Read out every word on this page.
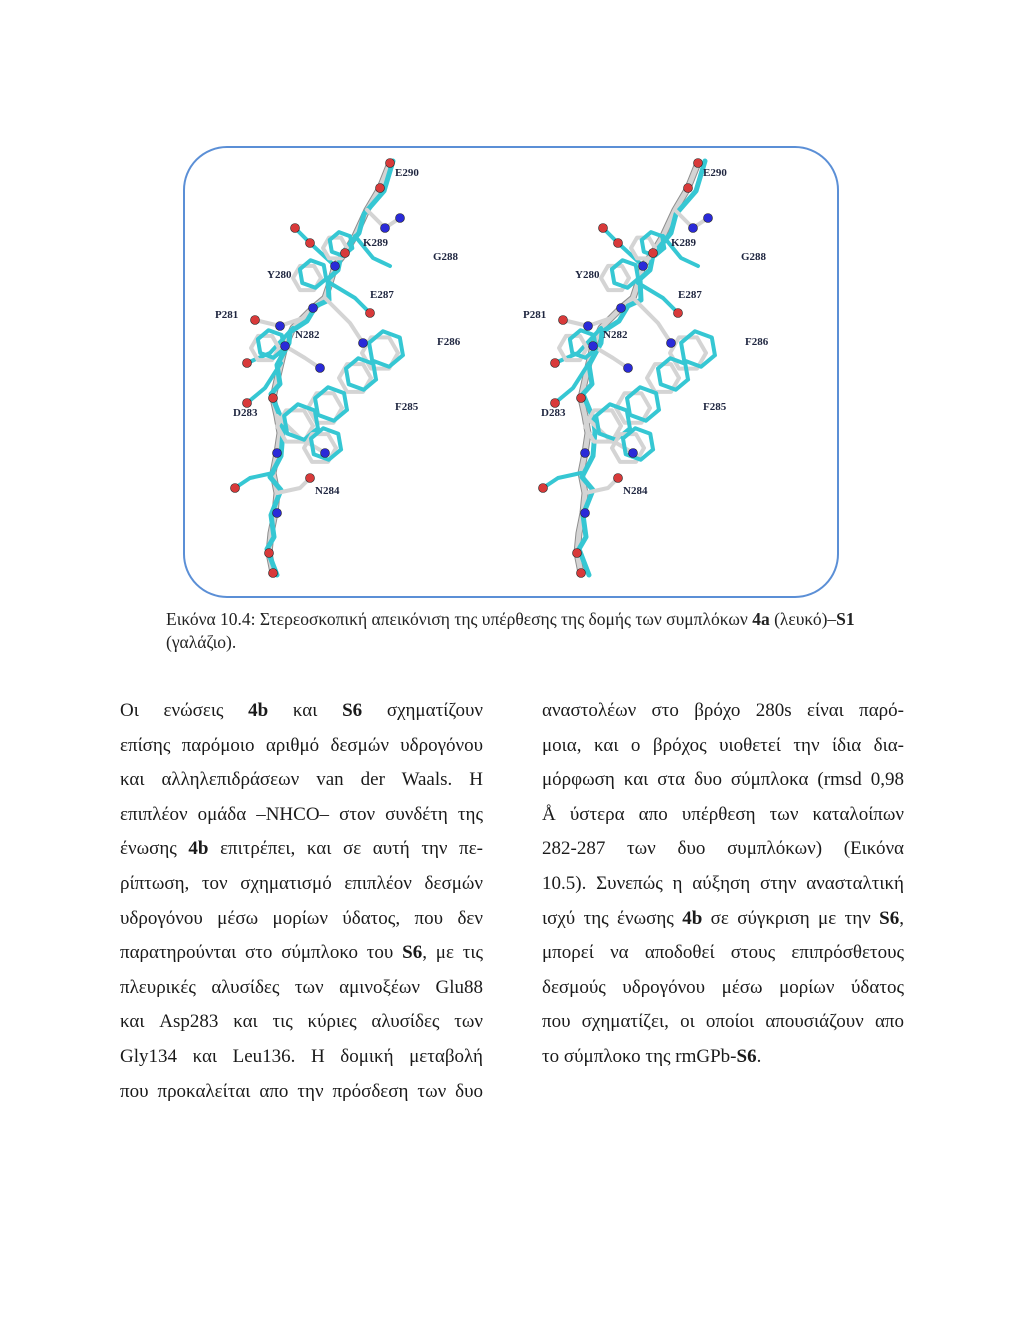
E290
K289
G288
Y280
E287
P281
N282
F286
D283	F285
N284
E290
K289
G288
Y280
E287
P281
N282
F286
D283	F285
N284
Εικόνα 10.4: Στερεοσκοπική απεικόνιση της υπέρθεσης της δομής των συμπλόκων 4a (λευκό)–S1
(γαλάζιο).
Οι ενώσεις 4b και S6 σχηματίζουν
επίσης παρόμοιο αριθμό δεσμών υδρογόνου
και αλληλεπιδράσεων van der Waals. Η
επιπλέον ομάδα –NHCO– στον συνδέτη της
ένωσης 4b επιτρέπει, και σε αυτή την πε-
ρίπτωση, τον σχηματισμό επιπλέον δεσμών
υδρογόνου μέσω μορίων ύδατος, που δεν
παρατηρούνται στο σύμπλοκο του S6, με τις
πλευρικές αλυσίδες των αμινοξέων Glu88
και Asp283 και τις κύριες αλυσίδες των
Gly134 και Leu136. Η δομική μεταβολή
που προκαλείται απο την πρόσδεση των δυο
αναστολέων στο βρόχο 280s είναι παρό-
μοια, και ο βρόχος υιοθετεί την ίδια δια-
μόρφωση και στα δυο σύμπλοκα (rmsd 0,98
Å ύστερα απο υπέρθεση των καταλοίπων
282-287 των δυο συμπλόκων) (Εικόνα
10.5). Συνεπώς η αύξηση στην ανασταλτική
ισχύ της ένωσης 4b σε σύγκριση με την S6,
μπορεί να αποδοθεί στους επιπρόσθετους
δεσμούς υδρογόνου μέσω μορίων ύδατος
που σχηματίζει, οι οποίοι απουσιάζουν απο
το σύμπλοκο της rmGPb-S6.
